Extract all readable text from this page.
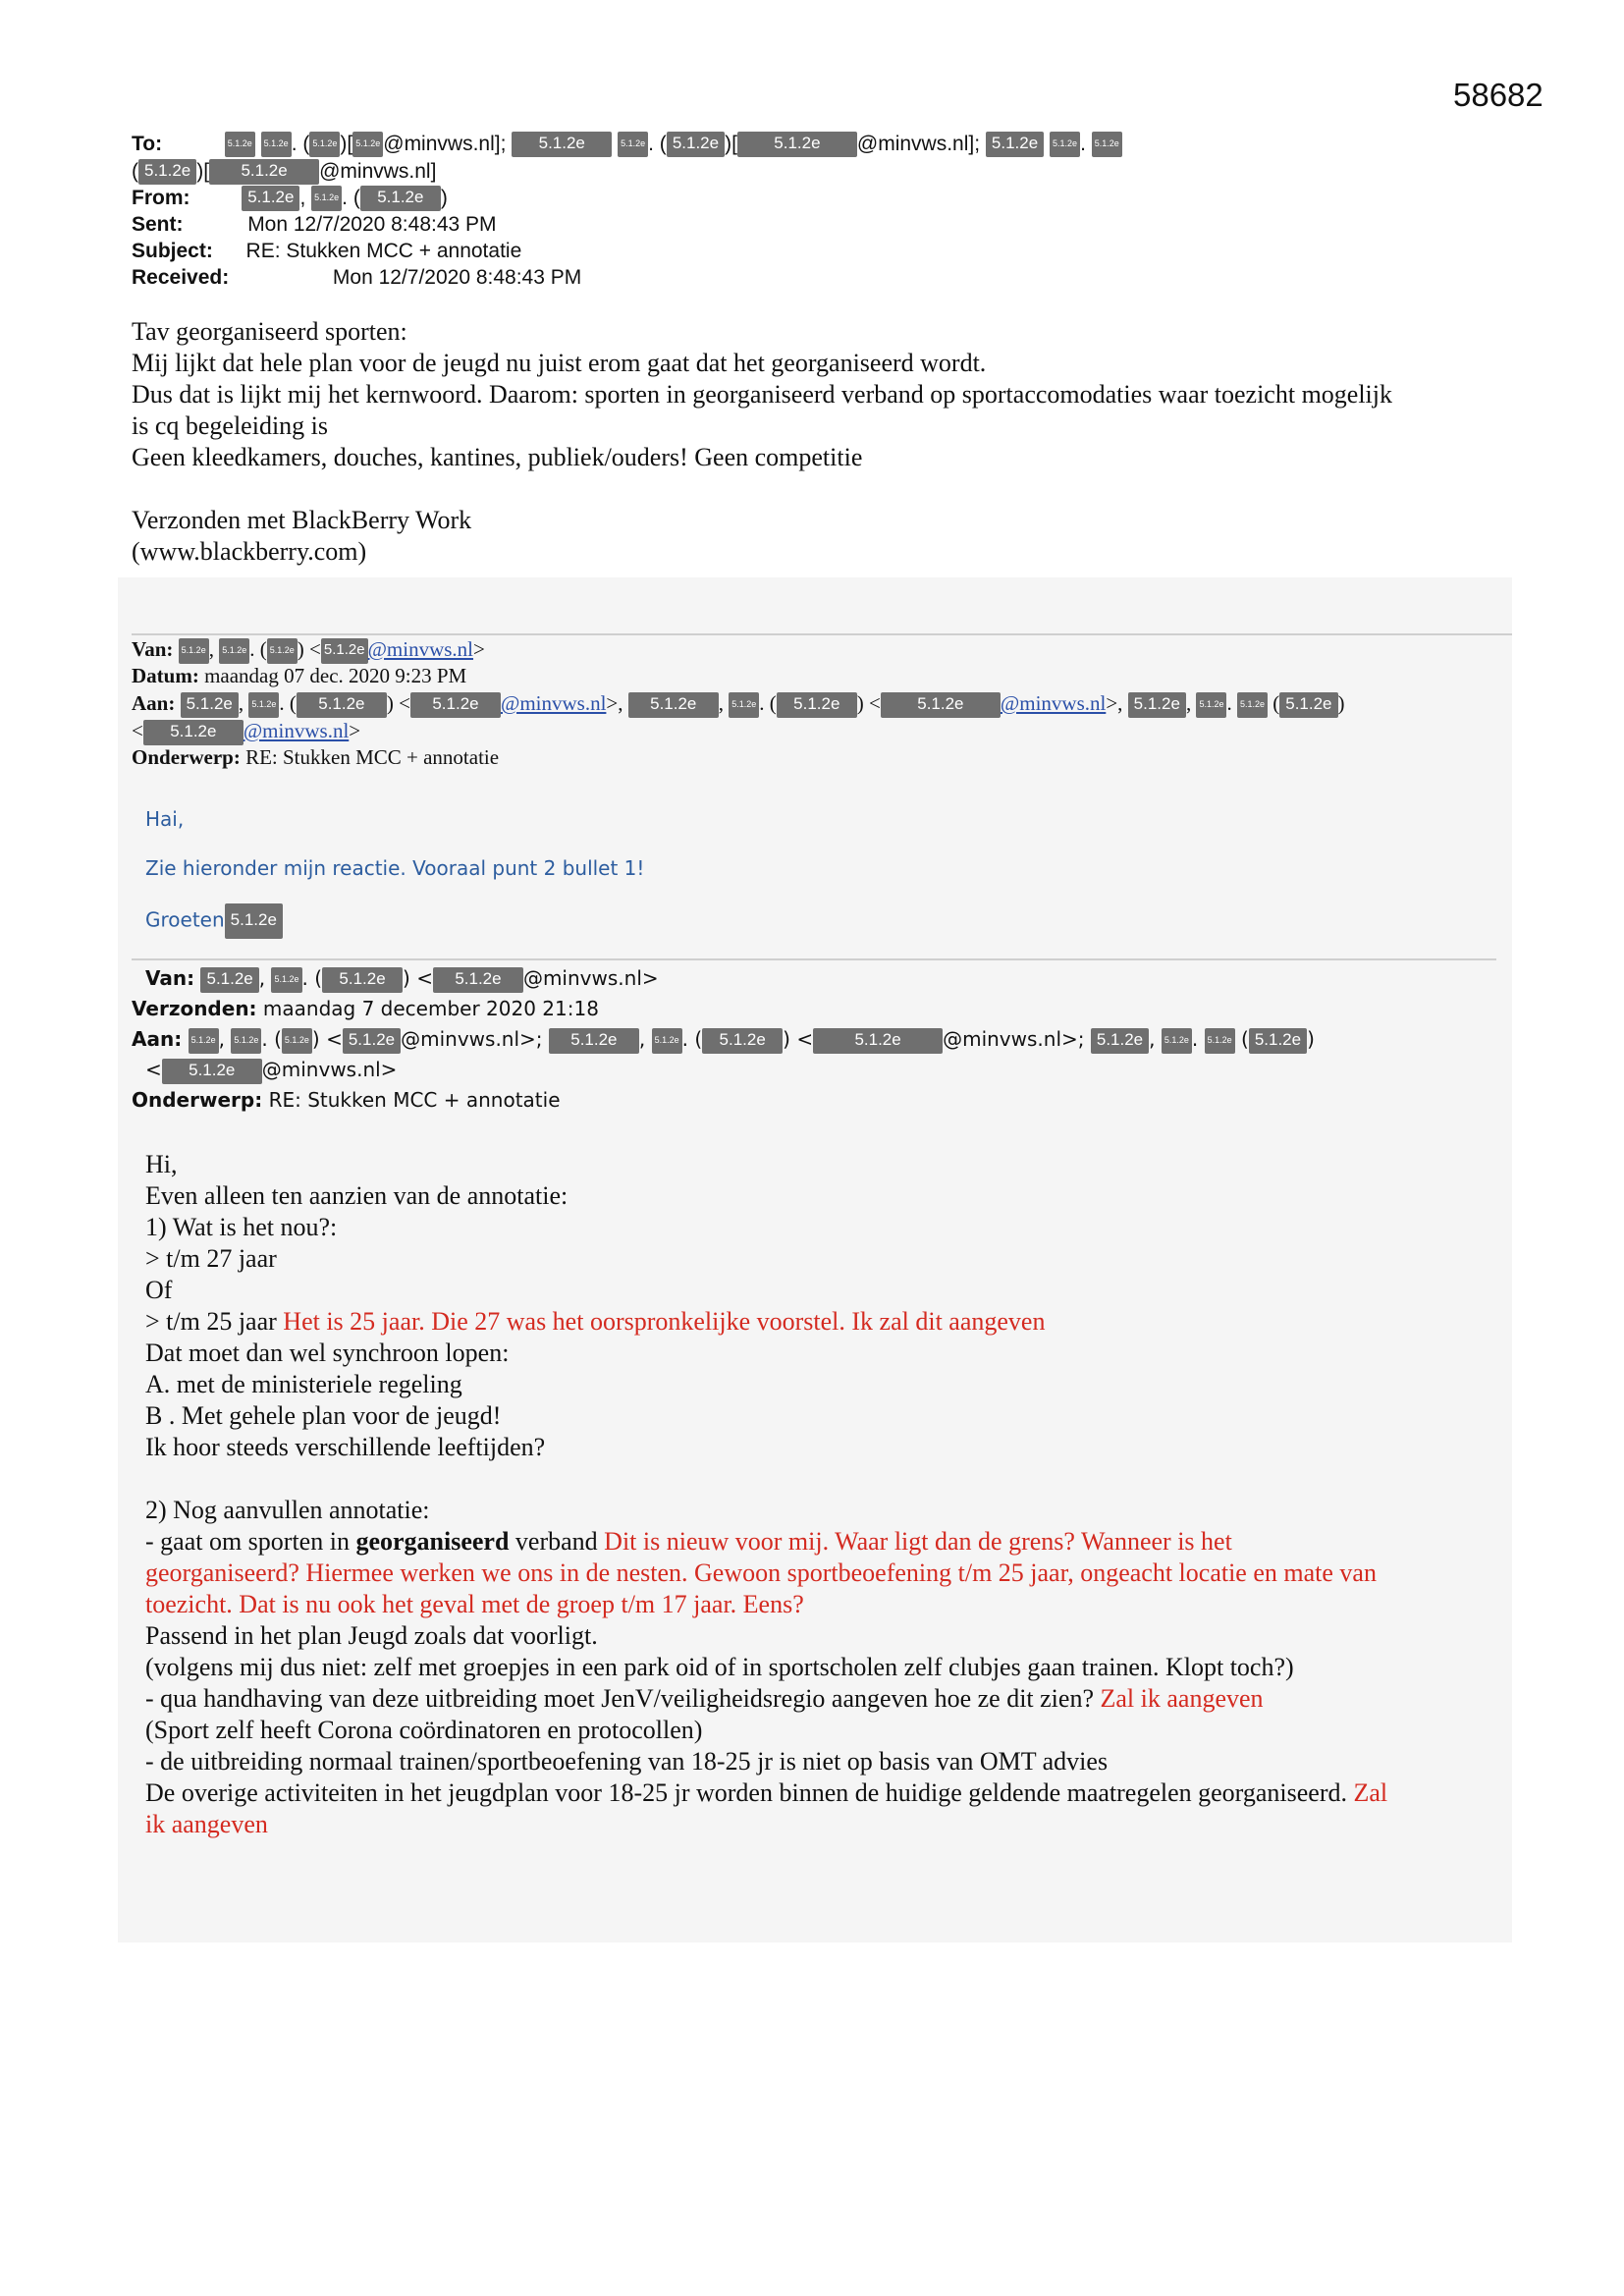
58682
To:	5.1.2e 5.1.2e . ( 5.1.2e )[ 5.1.2e @minvws.nl]; 5.1.2e	5.1.2e . ( 5.1.2e )[ 5.1.2e @minvws.nl]; 5.1.2e 5.1.2e . 5.1.2e
( 5.1.2e )[ 5.1.2e @minvws.nl]
From:	5.1.2e , 5.1.2e . ( 5.1.2e )
Sent:	Mon 12/7/2020 8:48:43 PM
Subject: RE: Stukken MCC + annotatie
Received:	Mon 12/7/2020 8:48:43 PM
Tav georganiseerd sporten:
Mij lijkt dat hele plan voor de jeugd nu juist erom gaat dat het georganiseerd wordt.
Dus dat is lijkt mij het kernwoord. Daarom: sporten in georganiseerd verband op sportaccomodaties waar toezicht mogelijk
is cq begeleiding is
Geen kleedkamers, douches, kantines, publiek/ouders! Geen competitie
Verzonden met BlackBerry Work
(www.blackberry.com)
Van: 5.1.2e , 5.1.2e . ( 5.1.2e ) < 5.1.2e @minvws.nl>
Datum: maandag 07 dec. 2020 9:23 PM
Aan: 5.1.2e , 5.1.2e . ( 5.1.2e ) < 5.1.2e @minvws.nl>, 5.1.2e , 5.1.2e . ( 5.1.2e ) < 5.1.2e @minvws.nl>, 5.1.2e , 5.1.2e . 5.1.2e ( 5.1.2e )
< 5.1.2e @minvws.nl>
Onderwerp: RE: Stukken MCC + annotatie
Hai,
Zie hieronder mijn reactie. Vooraal punt 2 bullet 1!
Groeten 5.1.2e
Van: 5.1.2e , 5.1.2e . ( 5.1.2e ) < 5.1.2e @minvws.nl>
Verzonden: maandag 7 december 2020 21:18
Aan: 5.1.2e , 5.1.2e . ( 5.1.2e ) < 5.1.2e @minvws.nl>; 5.1.2e , 5.1.2e . ( 5.1.2e ) < 5.1.2e @minvws.nl>; 5.1.2e , 5.1.2e . 5.1.2e ( 5.1.2e )
< 5.1.2e @minvws.nl>
Onderwerp: RE: Stukken MCC + annotatie
Hi,
Even alleen ten aanzien van de annotatie:
1) Wat is het nou?:
> t/m 27 jaar
Of
> t/m 25 jaar Het is 25 jaar. Die 27 was het oorspronkelijke voorstel. Ik zal dit aangeven
Dat moet dan wel synchroon lopen:
A. met de ministeriele regeling
B . Met gehele plan voor de jeugd!
Ik hoor steeds verschillende leeftijden?
2) Nog aanvullen annotatie:
- gaat om sporten in georganiseerd verband Dit is nieuw voor mij. Waar ligt dan de grens? Wanneer is het
georganiseerd? Hiermee werken we ons in de nesten. Gewoon sportbeoefening t/m 25 jaar, ongeacht locatie en mate van
toezicht. Dat is nu ook het geval met de groep t/m 17 jaar. Eens?
Passend in het plan Jeugd zoals dat voorligt.
(volgens mij dus niet: zelf met groepjes in een park oid of in sportscholen zelf clubjes gaan trainen. Klopt toch?)
- qua handhaving van deze uitbreiding moet JenV/veiligheidsregio aangeven hoe ze dit zien? Zal ik aangeven
(Sport zelf heeft Corona coördinatoren en protocollen)
- de uitbreiding normaal trainen/sportbeoefening van 18-25 jr is niet op basis van OMT advies
De overige activiteiten in het jeugdplan voor 18-25 jr worden binnen de huidige geldende maatregelen georganiseerd. Zal
ik aangeven
